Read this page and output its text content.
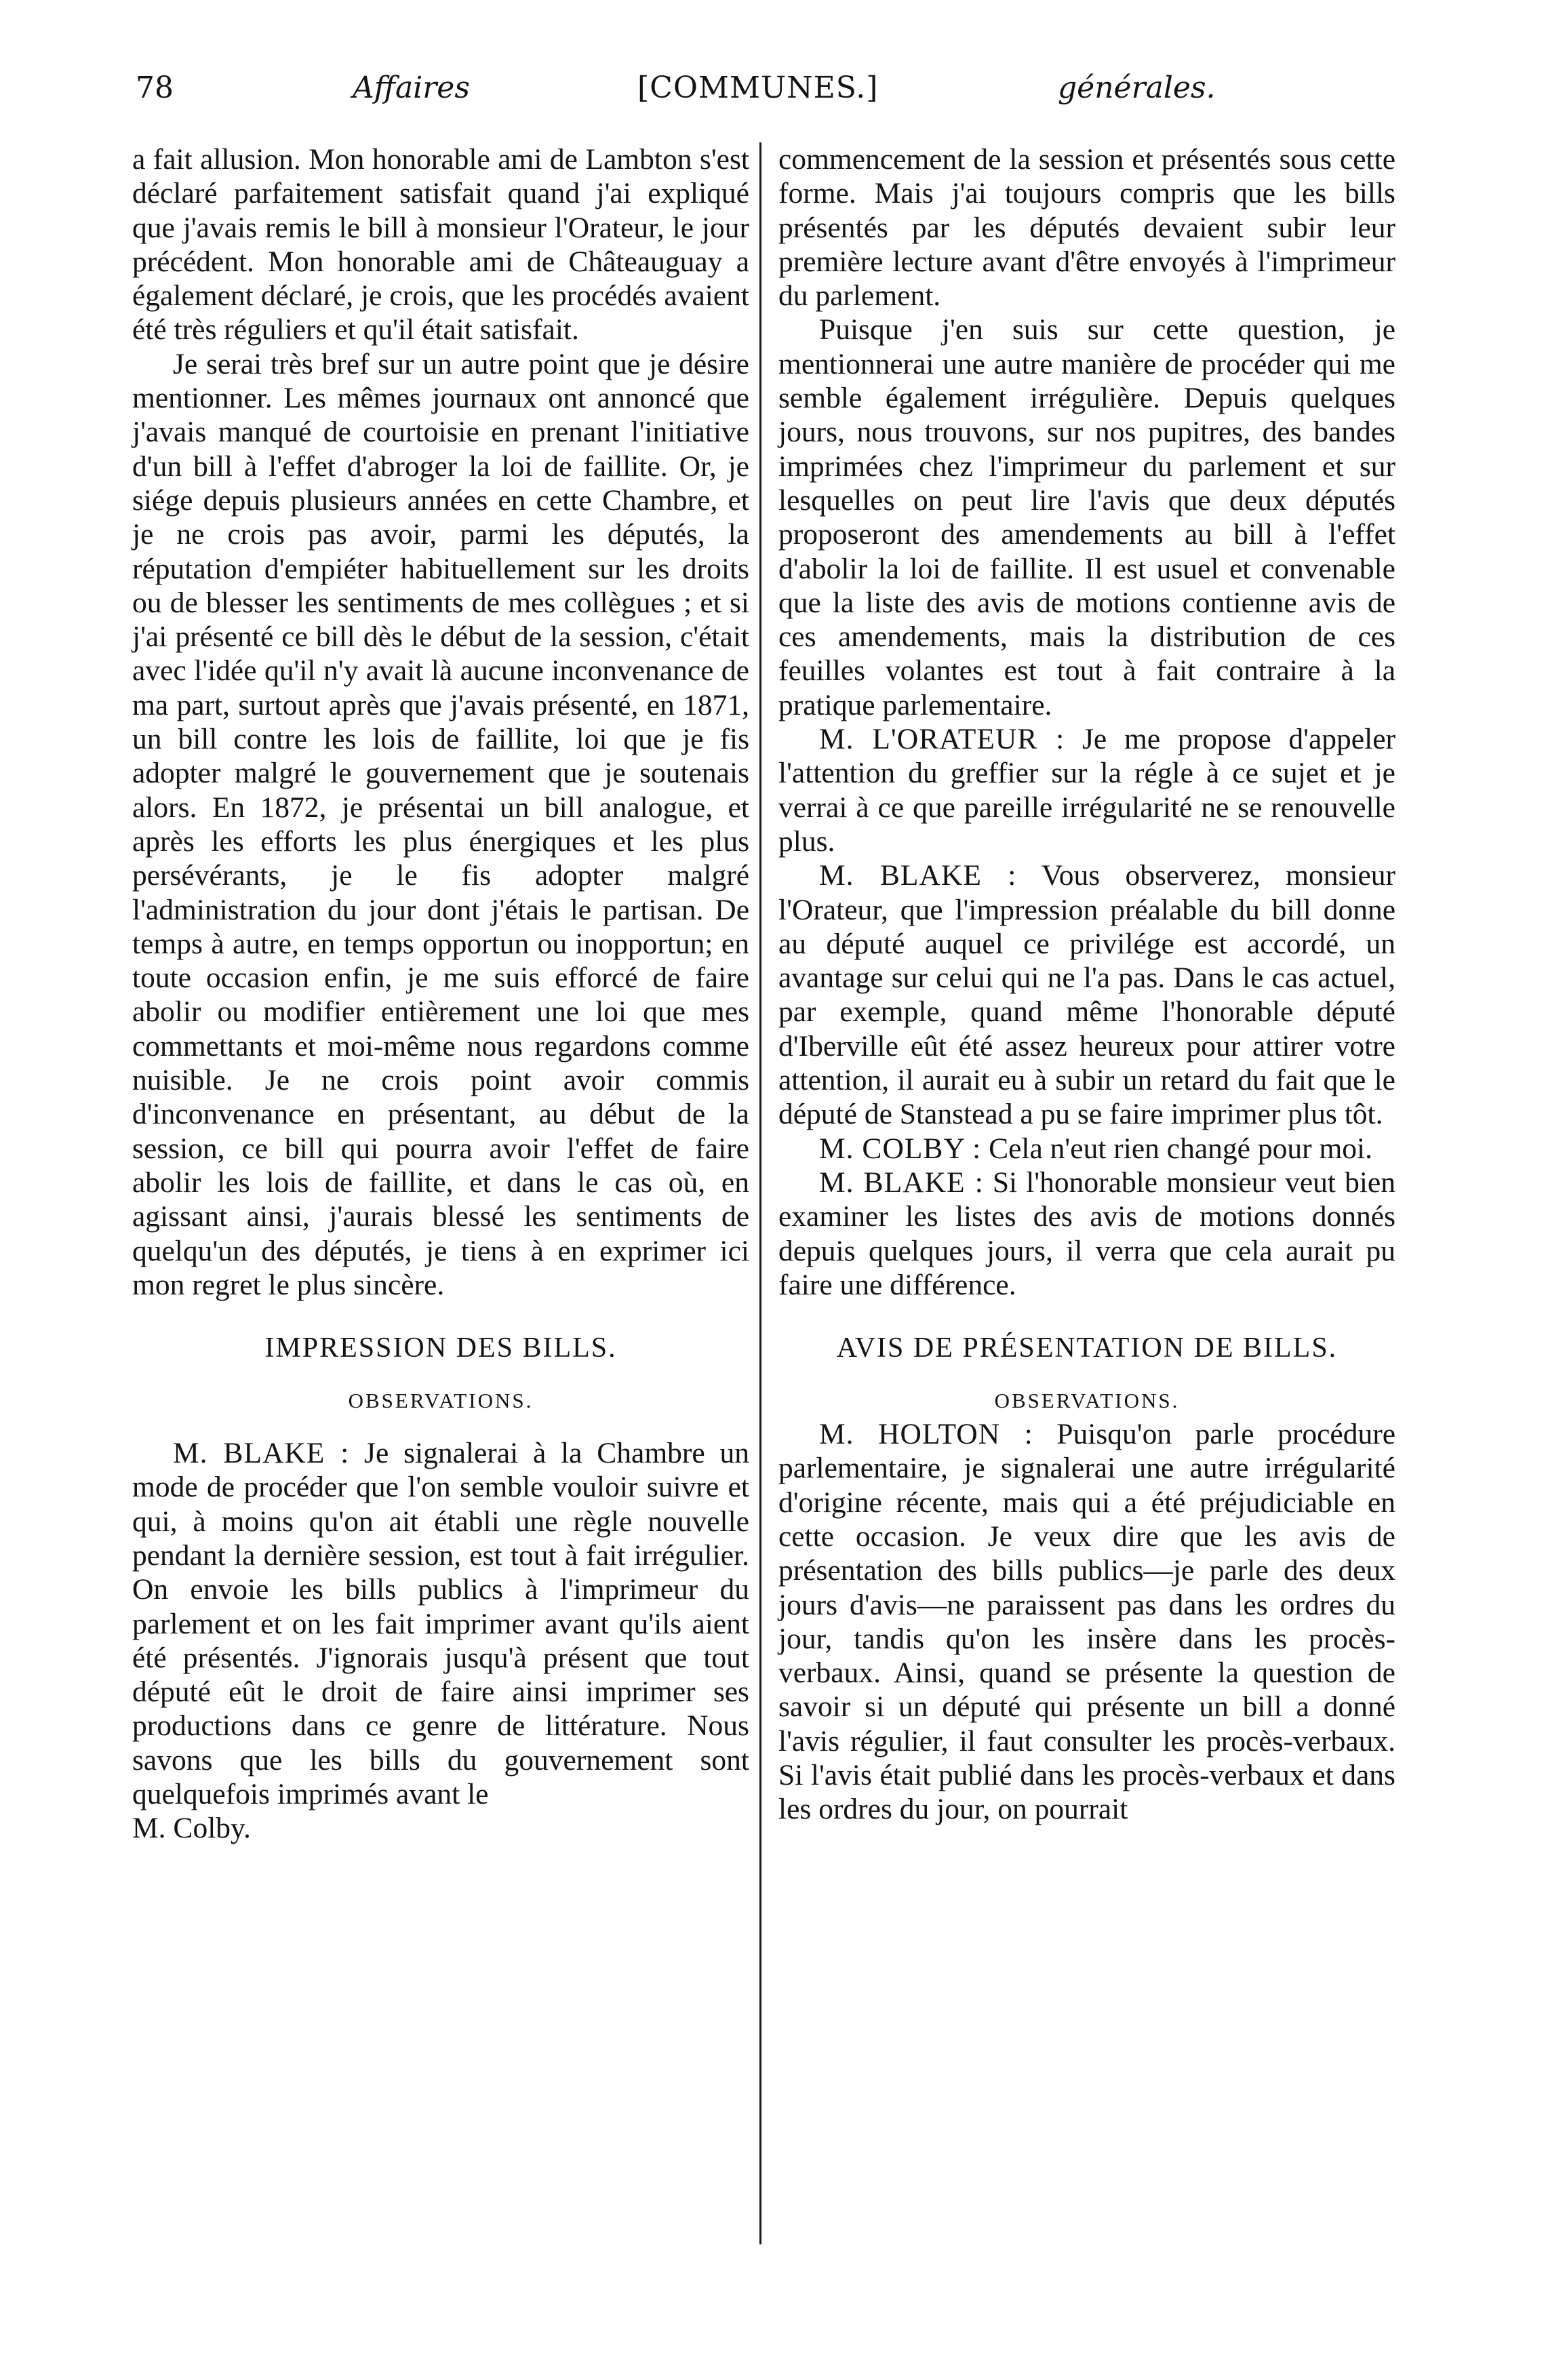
78	Affaires	[COMMUNES.]	générales.

a fait allusion. Mon honorable ami de Lambton s'est déclaré parfaitement satisfait quand j'ai expliqué que j'avais remis le bill à monsieur l'Orateur, le jour précédent. Mon honorable ami de Châteauguay a également déclaré, je crois, que les procédés avaient été très réguliers et qu'il était satisfait.

Je serai très bref sur un autre point que je désire mentionner. Les mêmes journaux ont annoncé que j'avais manqué de courtoisie en prenant l'initiative d'un bill à l'effet d'abroger la loi de faillite. Or, je siége depuis plusieurs années en cette Chambre, et je ne crois pas avoir, parmi les députés, la réputation d'empiéter habituellement sur les droits ou de blesser les sentiments de mes collègues ; et si j'ai présenté ce bill dès le début de la session, c'était avec l'idée qu'il n'y avait là aucune inconvenance de ma part, surtout après que j'avais présenté, en 1871, un bill contre les lois de faillite, loi que je fis adopter malgré le gouvernement que je soutenais alors. En 1872, je présentai un bill analogue, et après les efforts les plus énergiques et les plus persévérants, je le fis adopter malgré l'administration du jour dont j'étais le partisan. De temps à autre, en temps opportun ou inopportun; en toute occasion enfin, je me suis efforcé de faire abolir ou modifier entièrement une loi que mes commettants et moi-même nous regardons comme nuisible. Je ne crois point avoir commis d'inconvenance en présentant, au début de la session, ce bill qui pourra avoir l'effet de faire abolir les lois de faillite, et dans le cas où, en agissant ainsi, j'aurais blessé les sentiments de quelqu'un des députés, je tiens à en exprimer ici mon regret le plus sincère.

IMPRESSION DES BILLS.

OBSERVATIONS.

M. BLAKE : Je signalerai à la Chambre un mode de procéder que l'on semble vouloir suivre et qui, à moins qu'on ait établi une règle nouvelle pendant la dernière session, est tout à fait irrégulier. On envoie les bills publics à l'imprimeur du parlement et on les fait imprimer avant qu'ils aient été présentés. J'ignorais jusqu'à présent que tout député eût le droit de faire ainsi imprimer ses productions dans ce genre de littérature. Nous savons que les bills du gouvernement sont quelquefois imprimés avant le

M. Colby.

commencement de la session et présentés sous cette forme. Mais j'ai toujours compris que les bills présentés par les députés devaient subir leur première lecture avant d'être envoyés à l'imprimeur du parlement.

Puisque j'en suis sur cette question, je mentionnerai une autre manière de procéder qui me semble également irrégulière. Depuis quelques jours, nous trouvons, sur nos pupitres, des bandes imprimées chez l'imprimeur du parlement et sur lesquelles on peut lire l'avis que deux députés proposeront des amendements au bill à l'effet d'abolir la loi de faillite. Il est usuel et convenable que la liste des avis de motions contienne avis de ces amendements, mais la distribution de ces feuilles volantes est tout à fait contraire à la pratique parlementaire.

M. L'ORATEUR : Je me propose d'appeler l'attention du greffier sur la régle à ce sujet et je verrai à ce que pareille irrégularité ne se renouvelle plus.

M. BLAKE : Vous observerez, monsieur l'Orateur, que l'impression préalable du bill donne au député auquel ce privilége est accordé, un avantage sur celui qui ne l'a pas. Dans le cas actuel, par exemple, quand même l'honorable député d'Iberville eût été assez heureux pour attirer votre attention, il aurait eu à subir un retard du fait que le député de Stanstead a pu se faire imprimer plus tôt.

M. COLBY : Cela n'eut rien changé pour moi.

M. BLAKE : Si l'honorable monsieur veut bien examiner les listes des avis de motions donnés depuis quelques jours, il verra que cela aurait pu faire une différence.

AVIS DE PRÉSENTATION DE BILLS.

OBSERVATIONS.

M. HOLTON : Puisqu'on parle procédure parlementaire, je signalerai une autre irrégularité d'origine récente, mais qui a été préjudiciable en cette occasion. Je veux dire que les avis de présentation des bills publics—je parle des deux jours d'avis—ne paraissent pas dans les ordres du jour, tandis qu'on les insère dans les procès-verbaux. Ainsi, quand se présente la question de savoir si un député qui présente un bill a donné l'avis régulier, il faut consulter les procès-verbaux. Si l'avis était publié dans les procès-verbaux et dans les ordres du jour, on pourrait
